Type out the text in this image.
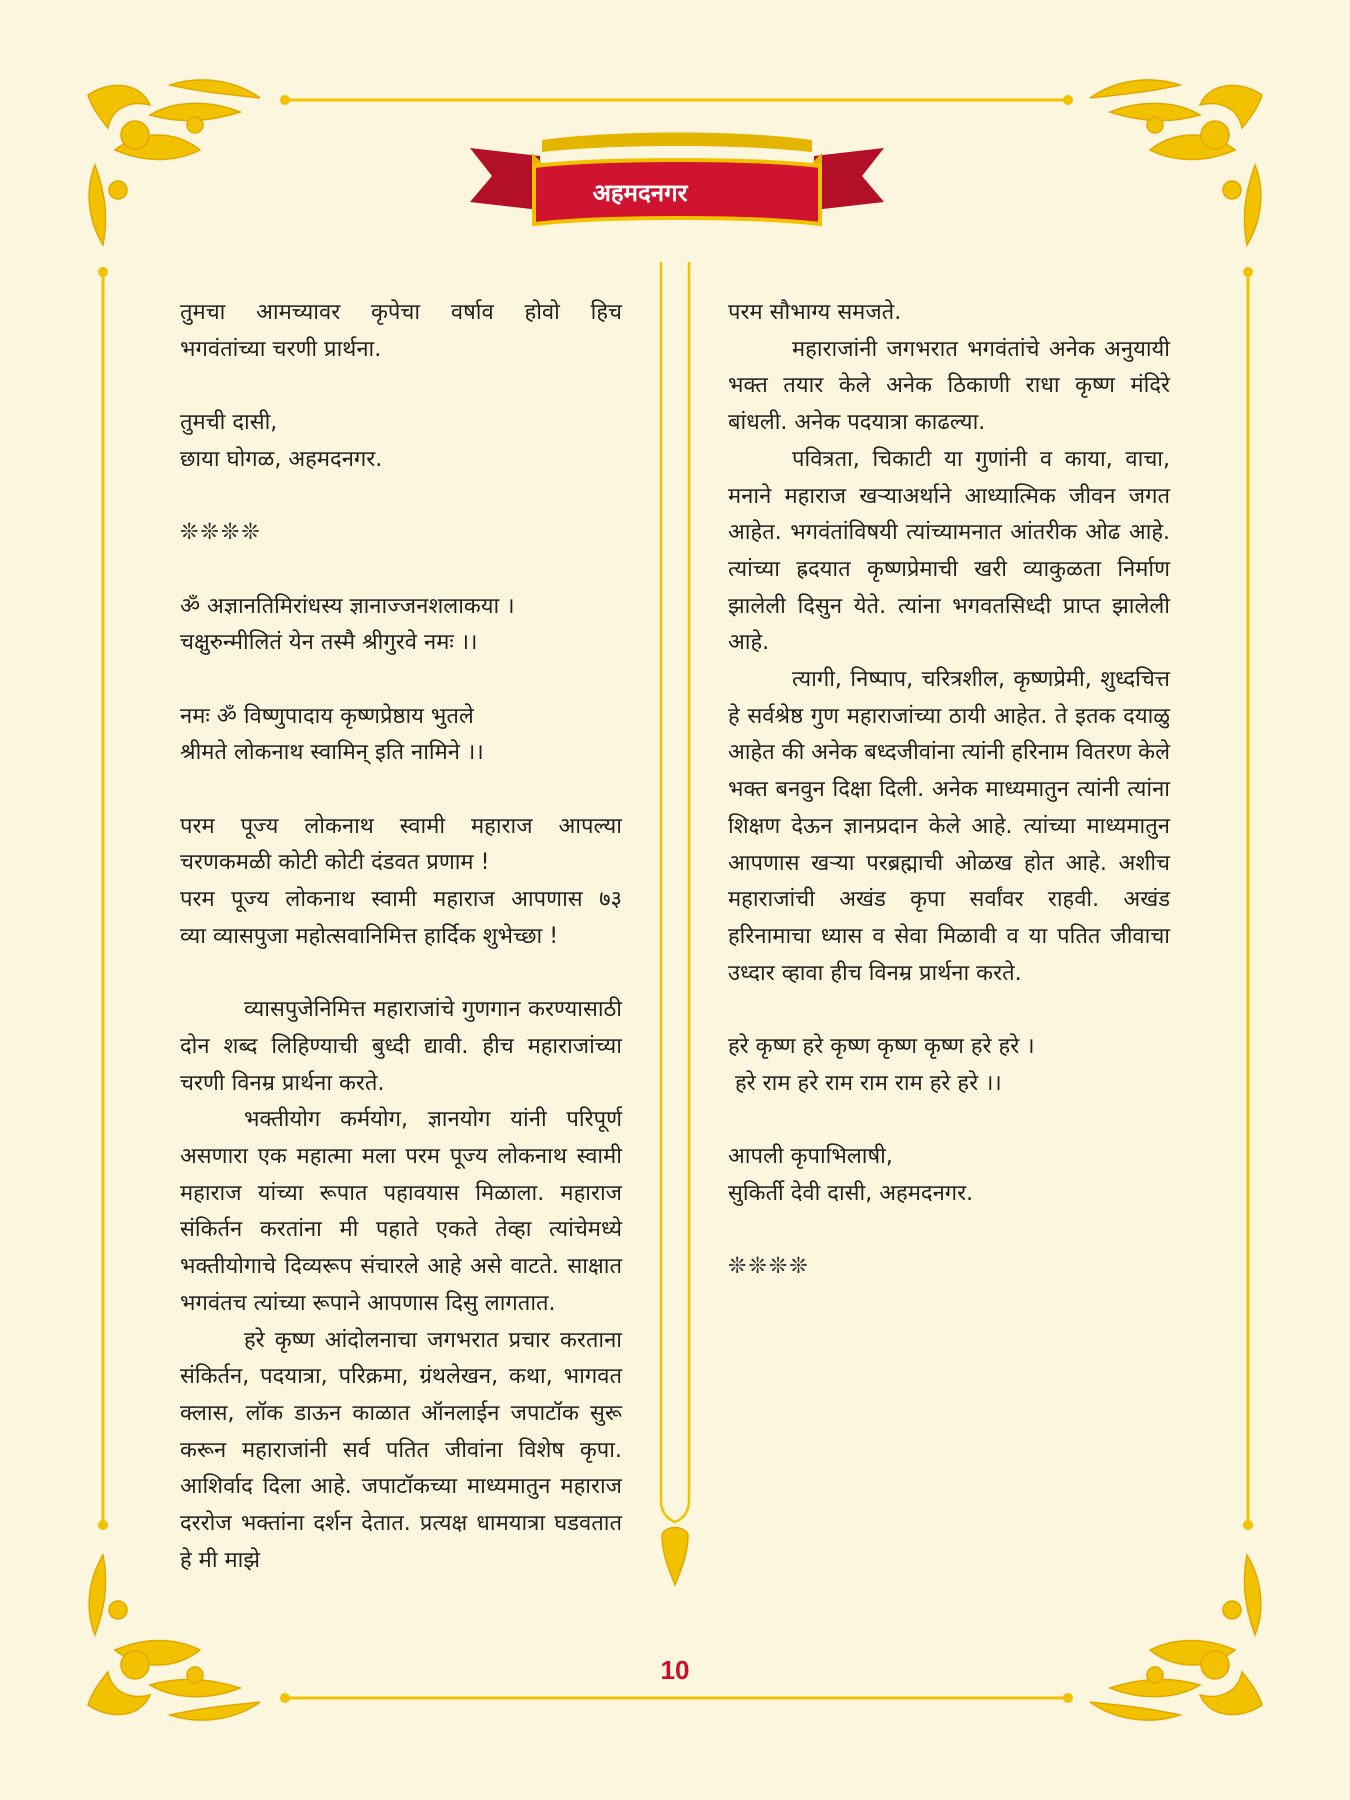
अहमदनगर

तुमचा आमच्यावर कृपेचा वर्षाव होवो हिच

भगवंतांच्या चरणी प्रार्थना.

तुमची दासी,

छाया घोगळ, अहमदनगर.

❊❊❊❊

ॐ अज्ञानतिमिरांधस्य ज्ञानाज्जनशलाकया ।

चक्षुरुन्मीलितं येन तस्मै श्रीगुरवे नमः ।।

नमः ॐ विष्णुपादाय कृष्णप्रेष्ठाय भुतले

श्रीमते लोकनाथ स्वामिन् इति नामिने ।।

परम पूज्य लोकनाथ स्वामी महाराज आपल्या

चरणकमळी कोटी कोटी दंडवत प्रणाम !

परम पूज्य लोकनाथ स्वामी महाराज आपणास ७३

व्या व्यासपुजा महोत्सवानिमित्त हार्दिक शुभेच्छा !

व्यासपुजेनिमित्त महाराजांचे गुणगान करण्यासाठी दोन शब्द लिहिण्याची बुध्दी द्यावी. हीच महाराजांच्या चरणी विनम्र प्रार्थना करते.

भक्तीयोग कर्मयोग, ज्ञानयोग यांनी परिपूर्ण असणारा एक महात्मा मला परम पूज्य लोकनाथ स्वामी महाराज यांच्या रूपात पहावयास मिळाला. महाराज संकिर्तन करतांना मी पहाते एकते तेव्हा त्यांचेमध्ये भक्तीयोगाचे दिव्यरूप संचारले आहे असे वाटते. साक्षात भगवंतच त्यांच्या रूपाने आपणास दिसु लागतात.

हरे कृष्ण आंदोलनाचा जगभरात प्रचार करताना संकिर्तन, पदयात्रा, परिक्रमा, ग्रंथलेखन, कथा, भागवत क्लास, लॉक डाऊन काळात ऑनलाईन जपाटॉक सुरू करून महाराजांनी सर्व पतित जीवांना विशेष कृपा. आशिर्वाद दिला आहे. जपाटॉकच्या माध्यमातुन महाराज दररोज भक्तांना दर्शन देतात. प्रत्यक्ष धामयात्रा घडवतात हे मी माझे

परम सौभाग्य समजते.

महाराजांनी जगभरात भगवंतांचे अनेक अनुयायी भक्त तयार केले अनेक ठिकाणी राधा कृष्ण मंदिरे बांधली. अनेक पदयात्रा काढल्या.

पवित्रता, चिकाटी या गुणांनी व काया, वाचा, मनाने महाराज खऱ्याअर्थाने आध्यात्मिक जीवन जगत आहेत. भगवंतांविषयी त्यांच्यामनात आंतरीक ओढ आहे. त्यांच्या ह्रदयात कृष्णप्रेमाची खरी व्याकुळता निर्माण झालेली दिसुन येते. त्यांना भगवतसिध्दी प्राप्त झालेली आहे.

त्यागी, निष्पाप, चरित्रशील, कृष्णप्रेमी, शुध्दचित्त हे सर्वश्रेष्ठ गुण महाराजांच्या ठायी आहेत. ते इतक दयाळु आहेत की अनेक बध्दजीवांना त्यांनी हरिनाम वितरण केले भक्त बनवुन दिक्षा दिली. अनेक माध्यमातुन त्यांनी त्यांना शिक्षण देऊन ज्ञानप्रदान केले आहे. त्यांच्या माध्यमातुन आपणास खऱ्या परब्रह्माची ओळख होत आहे. अशीच महाराजांची अखंड कृपा सर्वांवर राहवी. अखंड हरिनामाचा ध्यास व सेवा मिळावी व या पतित जीवाचा उध्दार व्हावा हीच विनम्र प्रार्थना करते.

हरे कृष्ण हरे कृष्ण कृष्ण कृष्ण हरे हरे ।

हरे राम हरे राम राम राम हरे हरे ।।

आपली कृपाभिलाषी,

सुकिर्ती देवी दासी, अहमदनगर.

❊❊❊❊

10
